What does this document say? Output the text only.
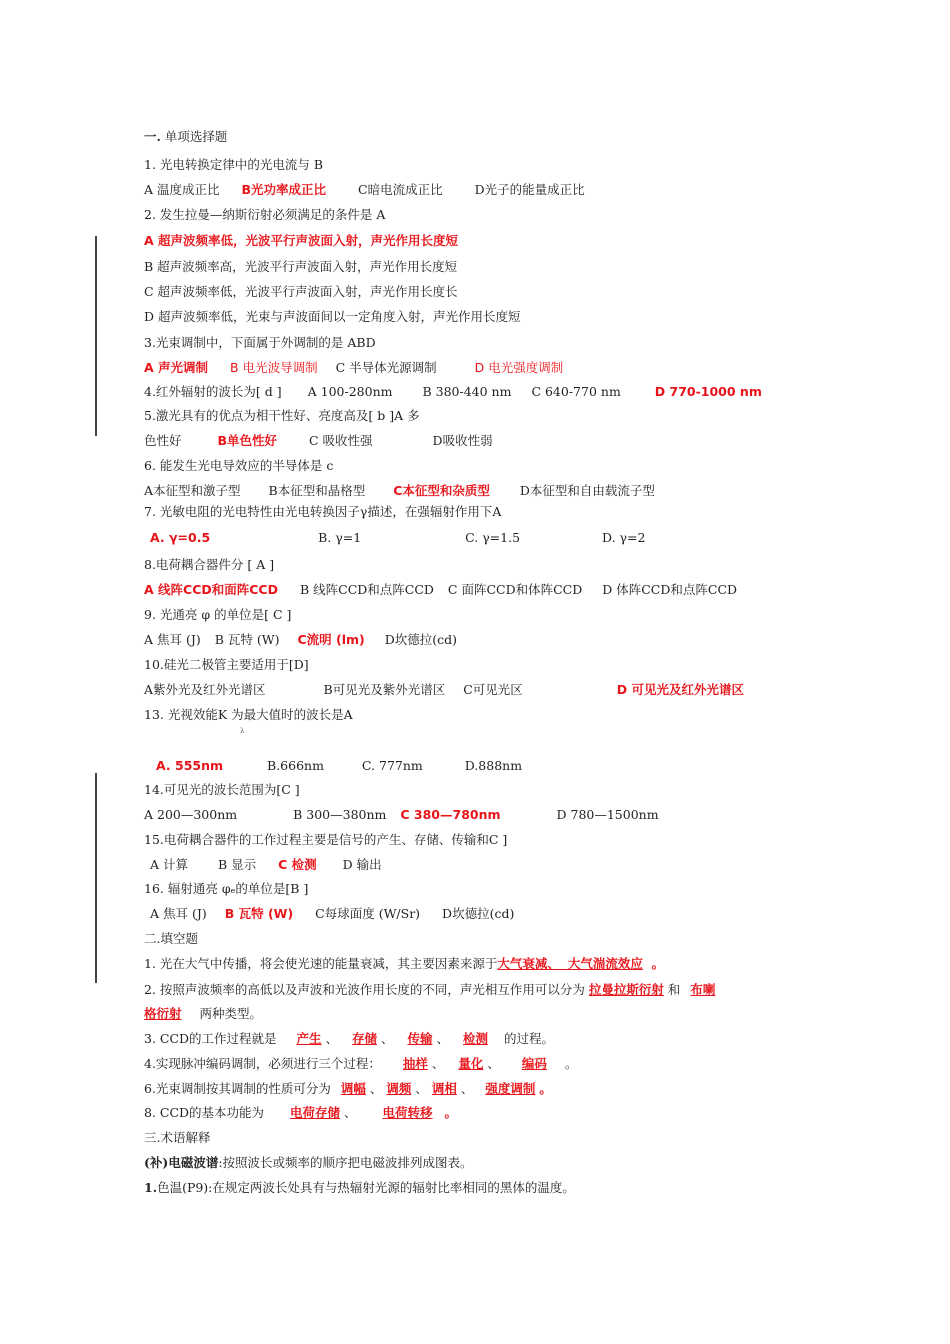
一. 单项选择题
1. 光电转换定律中的光电流与 B
A 温度成正比 B光功率成正比	C暗电流成正比	D光子的能量成正比
2. 发生拉曼—纳斯衍射必须满足的条件是 A
A 超声波频率低，光波平行声波面入射，声光作用长度短
B 超声波频率高，光波平行声波面入射，声光作用长度短
C 超声波频率低，光波平行声波面入射，声光作用长度长
D 超声波频率低，光束与声波面间以一定角度入射，声光作用长度短
3.光束调制中，下面属于外调制的是 ABD
A 声光调制 B 电光波导调制 C 半导体光源调制	D 电光强度调制
4.红外辐射的波长为[ d ] A 100-280nm B 380-440 nm C 640-770 nm	D 770-1000 nm
5.激光具有的优点为相干性好、亮度高及[ b ]A 多
色性好	B单色性好	C 吸收性强	D吸收性弱
6. 能发生光电导效应的半导体是 c
A本征型和激子型 B本征型和晶格型 C本征型和杂质型 D本征型和自由载流子型
7. 光敏电阻的光电特性由光电转换因子γ描述，在强辐射作用下A
A. γ=0.5	B. γ=1	C. γ=1.5	D. γ=2
8.电荷耦合器件分 [ A ]
A 线阵CCD和面阵CCD B 线阵CCD和点阵CCD C 面阵CCD和体阵CCD D 体阵CCD和点阵CCD
9. 光通亮 φ 的单位是[ C ]
A 焦耳 (J) B 瓦特 (W) C流明 (lm) D坎德拉(cd)
10.硅光二极管主要适用于[D]
A紫外光及红外光谱区	B可见光及紫外光谱区 C可见光区	D 可见光及红外光谱区
13. 光视效能K 为最大值时的波长是A
λ
A. 555nm	B.666nm	C. 777nm	D.888nm
14.可见光的波长范围为[C ]
A 200—300nm	B 300—380nm C 380—780nm	D 780—1500nm
15.电荷耦合器件的工作过程主要是信号的产生、存储、传输和C ]
A 计算 B 显示 C 检测 D 输出
16. 辐射通亮 φₑ的单位是[B ]
A 焦耳 (J) B 瓦特 (W) C每球面度 (W/Sr) D坎德拉(cd)
二.填空题
1. 光在大气中传播，将会使光速的能量衰减，其主要因素来源于大气衰减、 大气湍流效应  。
2. 按照声波频率的高低以及声波和光波作用长度的不同，声光相互作用可以分为 拉曼拉斯衍射 和 布喇
格衍射 两种类型。
3. CCD的工作过程就是 产生 、 存储 、 传输 、 检测 的过程。
4.实现脉冲编码调制，必须进行三个过程： 抽样 、 量化 、 编码 。
6.光束调制按其调制的性质可分为 调幅 、 调频 、 调相 、 强度调制 。
8. CCD的基本功能为 电荷存储 、 电荷转移 。
三.术语解释
(补)电磁波谱:按照波长或频率的顺序把电磁波排列成图表。
1.色温(P9):在规定两波长处具有与热辐射光源的辐射比率相同的黑体的温度。
